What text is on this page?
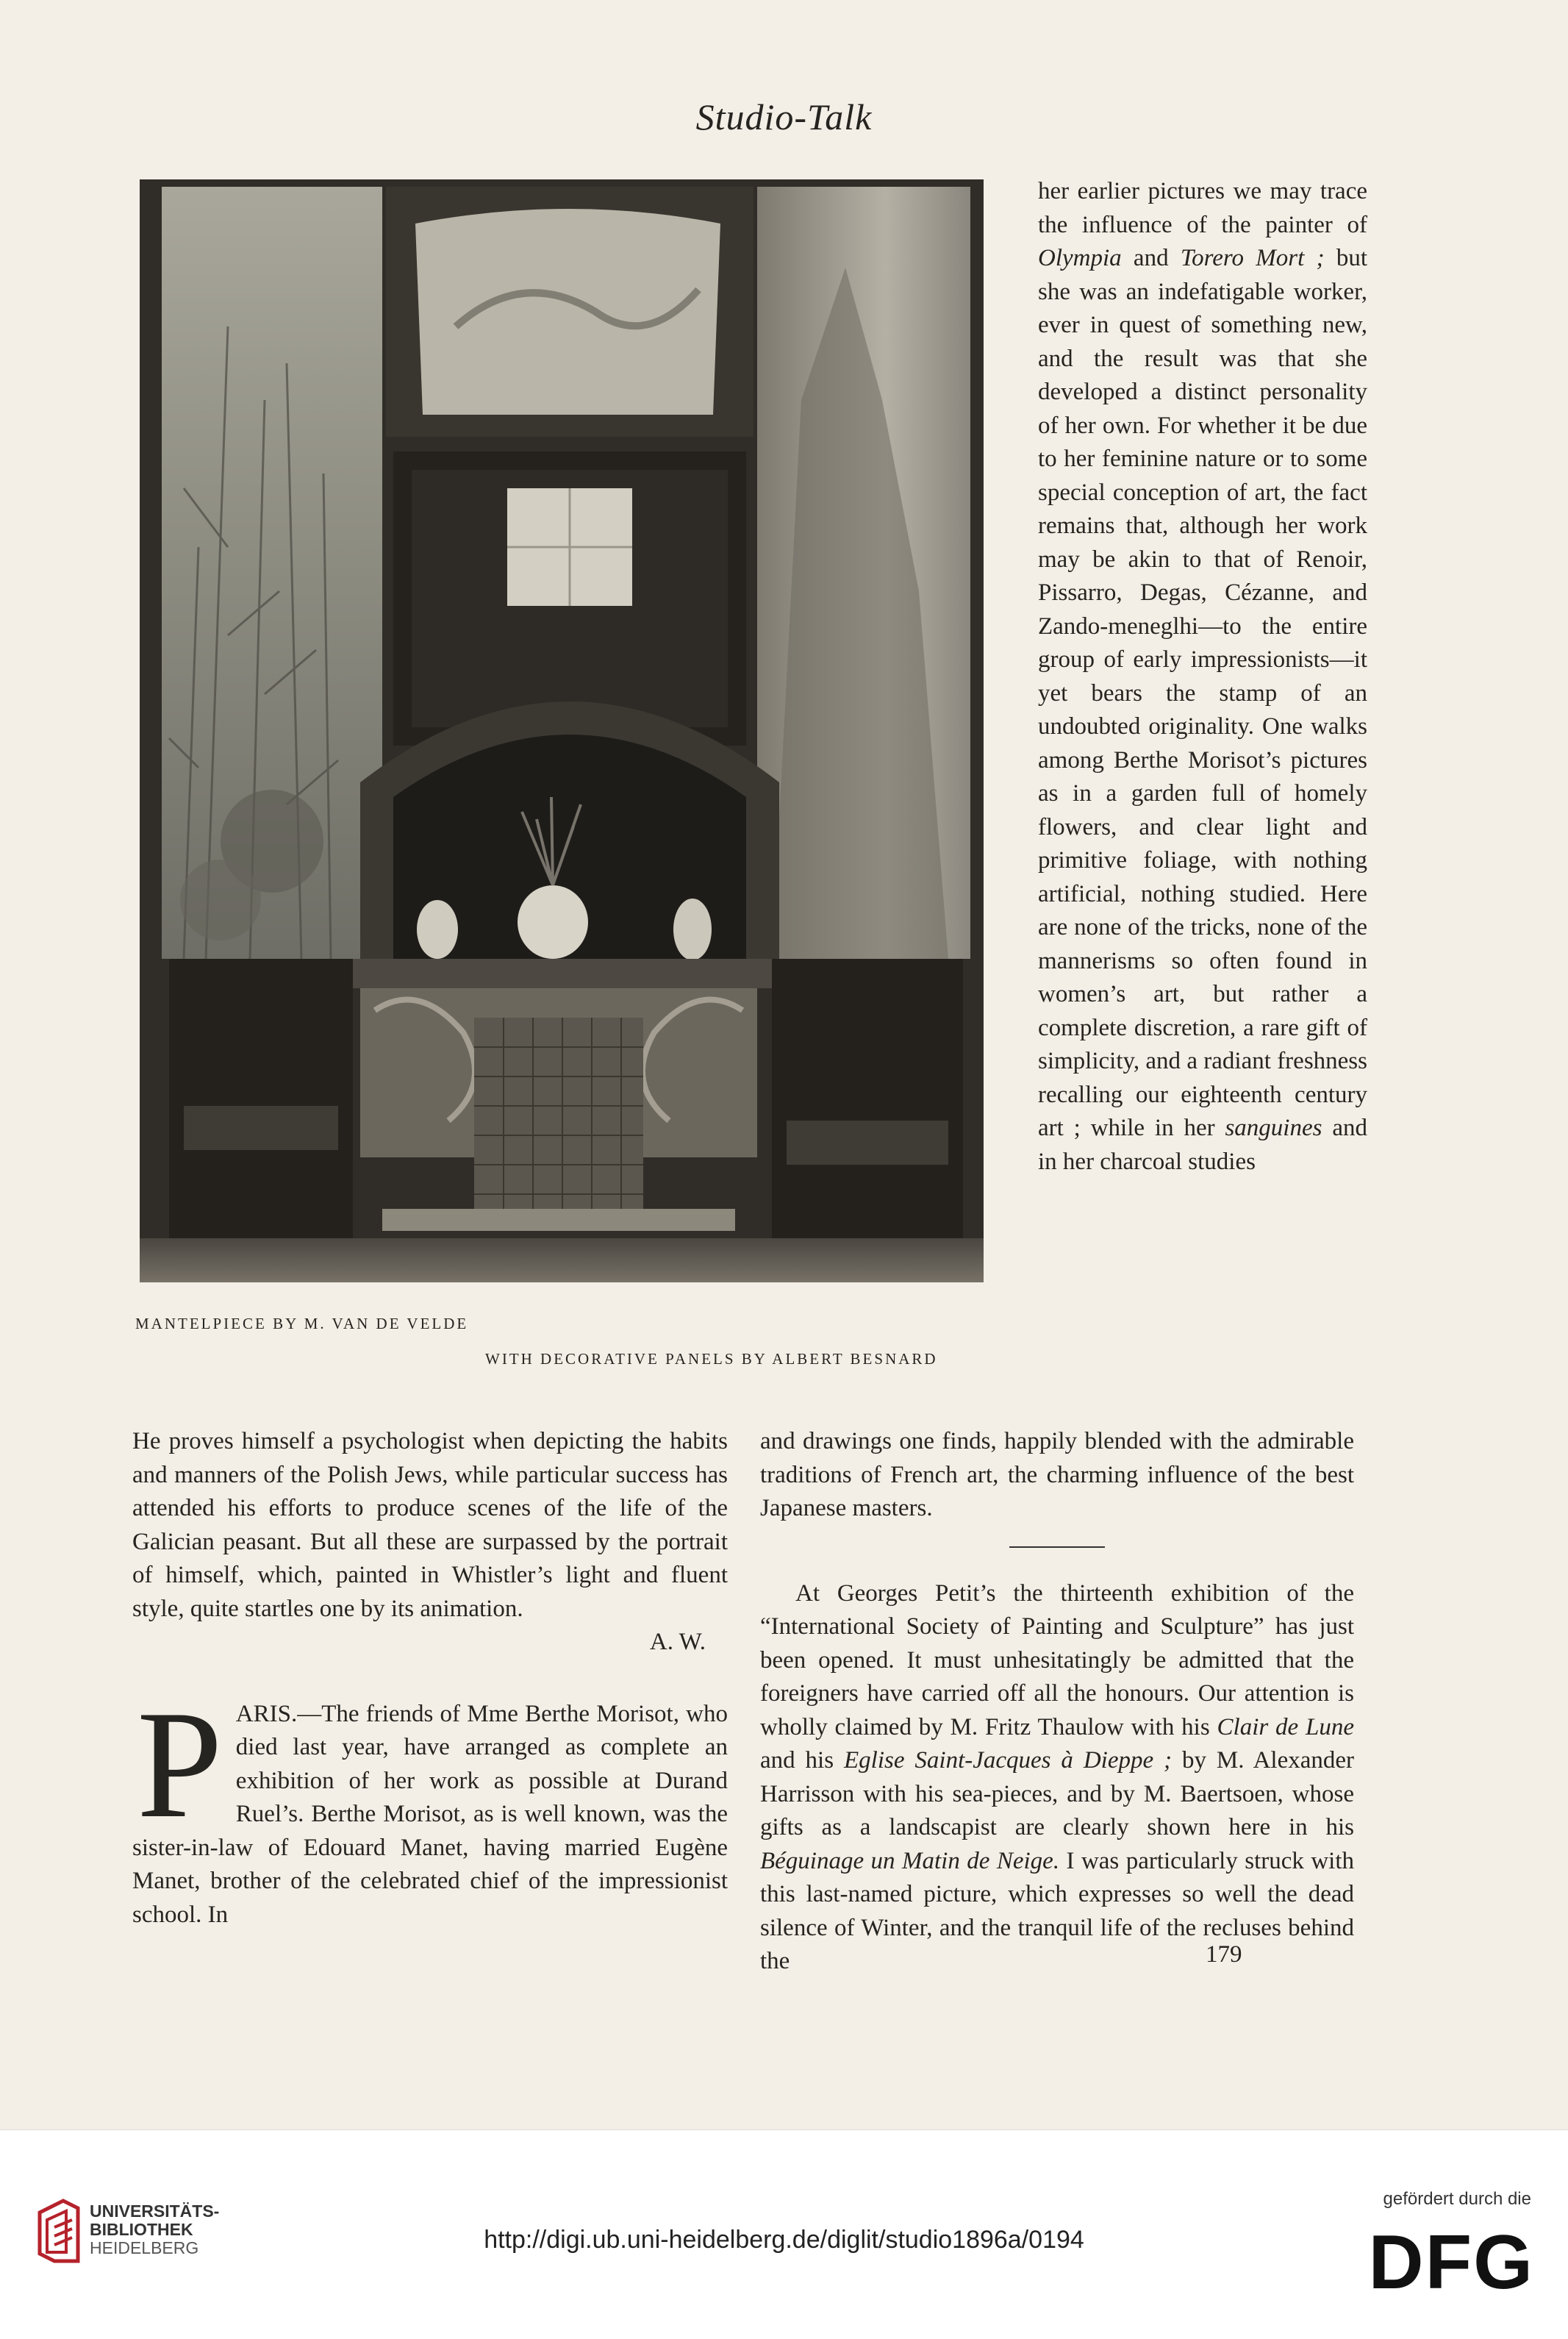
Studio-Talk
MANTELPIECE BY M. VAN DE VELDE
WITH DECORATIVE PANELS BY ALBERT BESNARD

her earlier pictures we may trace the influence of the painter of Olympia and Torero Mort ; but she was an indefatigable worker, ever in quest of something new, and the result was that she developed a distinct personality of her own. For whether it be due to her feminine nature or to some special conception of art, the fact remains that, although her work may be akin to that of Renoir, Pissarro, Degas, Cézanne, and Zando-meneglhi—to the entire group of early impressionists—it yet bears the stamp of an undoubted originality. One walks among Berthe Morisot’s pictures as in a garden full of homely flowers, and clear light and primitive foliage, with nothing artificial, nothing studied. Here are none of the tricks, none of the mannerisms so often found in women’s art, but rather a complete discretion, a rare gift of simplicity, and a radiant freshness recalling our eighteenth century art ; while in her sanguines and in her charcoal studies

He proves himself a psychologist when depicting the habits and manners of the Polish Jews, while particular success has attended his efforts to produce scenes of the life of the Galician peasant. But all these are surpassed by the portrait of himself, which, painted in Whistler’s light and fluent style, quite startles one by its animation.

A. W.

PARIS.—The friends of Mme Berthe Morisot, who died last year, have arranged as complete an exhibition of her work as possible at Durand Ruel’s. Berthe Morisot, as is well known, was the sister-in-law of Edouard Manet, having married Eugène Manet, brother of the celebrated chief of the impressionist school. In

and drawings one finds, happily blended with the admirable traditions of French art, the charming influence of the best Japanese masters.

At Georges Petit’s the thirteenth exhibition of the “International Society of Painting and Sculpture” has just been opened. It must unhesitatingly be admitted that the foreigners have carried off all the honours. Our attention is wholly claimed by M. Fritz Thaulow with his Clair de Lune and his Eglise Saint-Jacques à Dieppe ; by M. Alexander Harrisson with his sea-pieces, and by M. Baertsoen, whose gifts as a landscapist are clearly shown here in his Béguinage un Matin de Neige. I was particularly struck with this last-named picture, which expresses so well the dead silence of Winter, and the tranquil life of the recluses behind the	179
UNIVERSITÄTS-
BIBLIOTHEK
HEIDELBERG	http://digi.ub.uni-heidelberg.de/diglit/studio1896a/0194
gefördert durch die
DFG
